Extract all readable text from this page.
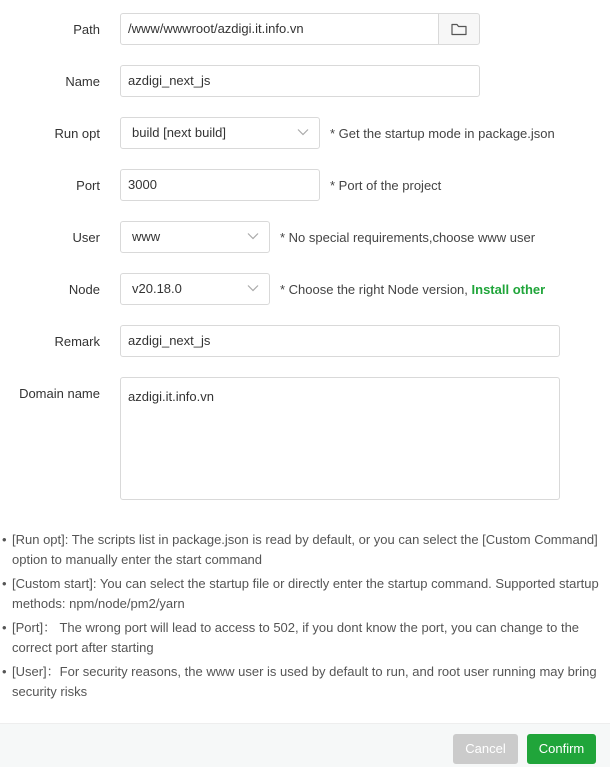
Path	/www/wwwroot/azdigi.it.info.vn
Name	azdigi_next_js
Run opt	build [next build]	* Get the startup mode in package.json
Port	3000	* Port of the project
User	www	* No special requirements,choose www user
Node	v20.18.0	* Choose the right Node version, Install other
Remark	azdigi_next_js
Domain name	azdigi.it.info.vn
• [Run opt]: The scripts list in package.json is read by default, or you can select the [Custom Command] option to manually enter the start command
• [Custom start]: You can select the startup file or directly enter the startup command. Supported startup methods: npm/node/pm2/yarn
• [Port]： The wrong port will lead to access to 502, if you dont know the port, you can change to the correct port after starting
• [User]：For security reasons, the www user is used by default to run, and root user running may bring security risks
Cancel	Confirm
